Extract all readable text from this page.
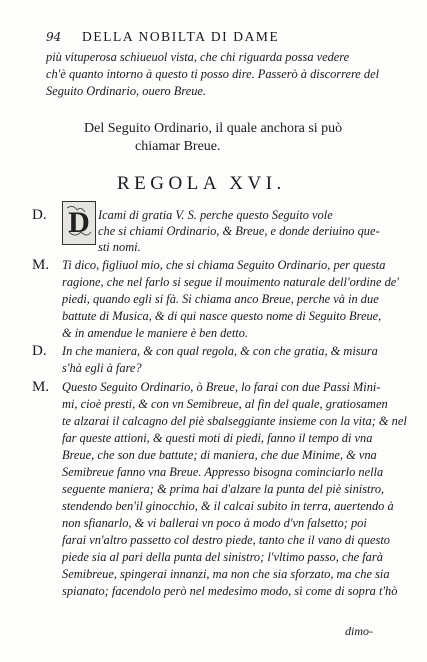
94 DELLA NOBILTA DI DAME
più vituperosa schiueuol vista, che chi riguarda possa vedere
ch'è quanto intorno à questo ti posso dire. Passerò à discorrere del
Seguito Ordinario, ouero Breue.
Del Seguito Ordinario, il quale anchora si può
chiamar Breue.
REGOLA XVI.
D. D Icami di gratia V. S. perche questo Seguito vole
che si chiami Ordinario, & Breue, e donde deriuino que-
sti nomi.
M. Ti dico, figliuol mio, che si chiama Seguito Ordinario, per questa
ragione, che nel farlo si segue il mouimento naturale dell'ordine de'
piedi, quando egli si fà. Si chiama anco Breue, perche và in due
battute di Musica, & di qui nasce questo nome di Seguito Breue,
& in amendue le maniere è ben detto.
D. In che maniera, & con qual regola, & con che gratia, & misura
s'hà egli à fare?
M. Questo Seguito Ordinario, ò Breue, lo farai con due Passi Mini-
mi, cioè presti, & con vn Semibreue, al fin del quale, gratiosamen
te alzarai il calcagno del piè sbalseggiante insieme con la vita; & nel
far queste attioni, & questi moti di piedi, fanno il tempo di vna
Breue, che son due battute; di maniera, che due Minime, & vna
Semibreue fanno vna Breue. Appresso bisogna cominciarlo nella
seguente maniera; & prima hai d'alzare la punta del piè sinistro,
stendendo ben'il ginocchio, & il calcai subito in terra, auertendo à
non sfianarlo, & vi ballerai vn poco à modo d'vn falsetto; poi
farai vn'altro passetto col destro piede, tanto che il vano di questo
piede sia al pari della punta del sinistro; l'vltimo passo, che farà
Semibreue, spingerai innanzi, ma non che sia sforzato, ma che sia
spianato; facendolo però nel medesimo modo, sì come di sopra t'hò
dimo-
